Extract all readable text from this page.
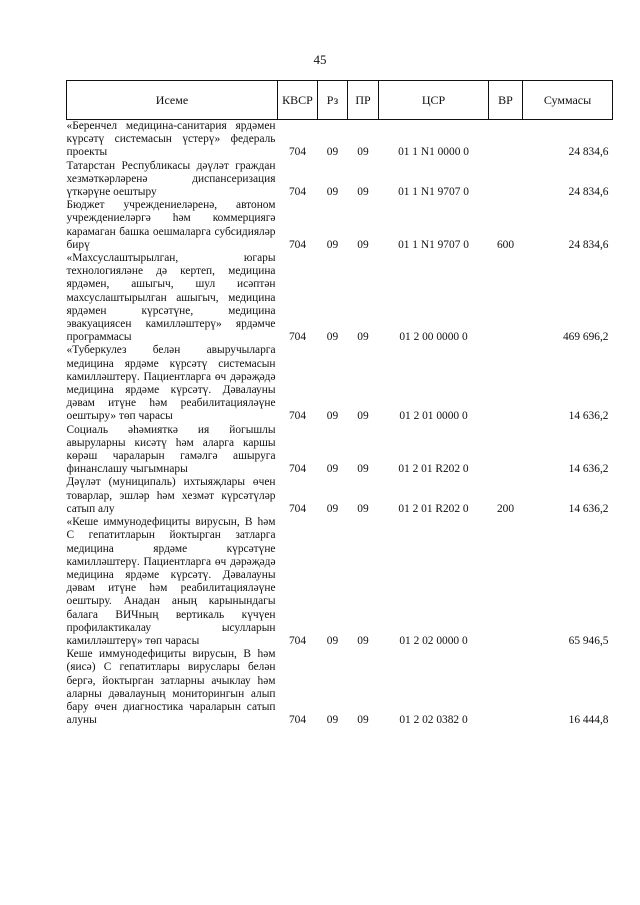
45
Исеме	КВСР	Рз	ПР	ЦСР	ВР	Суммасы
«Беренчел медицина-санитария ярдәмен күрсәтү системасын үстерү» федераль проекты	704	09	09	01 1 N1 0000 0		24 834,6
Татарстан Республикасы дәүләт граждан хезмәткәрләренә диспансеризация үткәрүне оештыру	704	09	09	01 1 N1 9707 0		24 834,6
Бюджет учреждениеләренә, автоном учреждениеләргә һәм коммерциягә карамаган башка оешмаларга субсидияләр бирү	704	09	09	01 1 N1 9707 0	600	24 834,6
«Махсуслаштырылган, югары технологияләне дә кертеп, медицина ярдәмен, ашыгыч, шул исәптән махсуслаштырылган ашыгыч, медицина ярдәмен күрсәтүне, медицина эвакуациясен камилләштерү» ярдәмче программасы	704	09	09	01 2 00 0000 0		469 696,2
«Туберкулез белән авыручыларга медицина ярдәме күрсәтү системасын камилләштерү. Пациентларга өч дәрәҗәдә медицина ярдәме күрсәтү. Дәвалауны дәвам итүне һәм реабилитацияләүне оештыру» төп чарасы	704	09	09	01 2 01 0000 0		14 636,2
Социаль әһәмияткә ия йогышлы авыруларны кисәтү һәм аларга каршы көрәш чараларын гамәлгә ашыруга финанслашу чыгымнары	704	09	09	01 2 01 R202 0		14 636,2
Дәүләт (муниципаль) ихтыяҗлары өчен товарлар, эшләр һәм хезмәт күрсәтүләр сатып алу	704	09	09	01 2 01 R202 0	200	14 636,2
«Кеше иммунодефициты вирусын, В һәм С гепатитларын йоктырган затларга медицина ярдәме күрсәтүне камилләштерү. Пациентларга өч дәрәҗәдә медицина ярдәме күрсәтү. Дәвалауны дәвам итүне һәм реабилитацияләүне оештыру. Анадан аның карынындагы балага ВИЧның вертикаль күчүен профилактикалау ысулларын камилләштерү» төп чарасы	704	09	09	01 2 02 0000 0		65 946,5
Кеше иммунодефициты вирусын, В һәм (яисә) С гепатитлары вируслары белән бергә, йоктырган затларны ачыклау һәм аларны дәвалауның мониторингын алып бару өчен диагностика чараларын сатып алуны	704	09	09	01 2 02 0382 0		16 444,8
